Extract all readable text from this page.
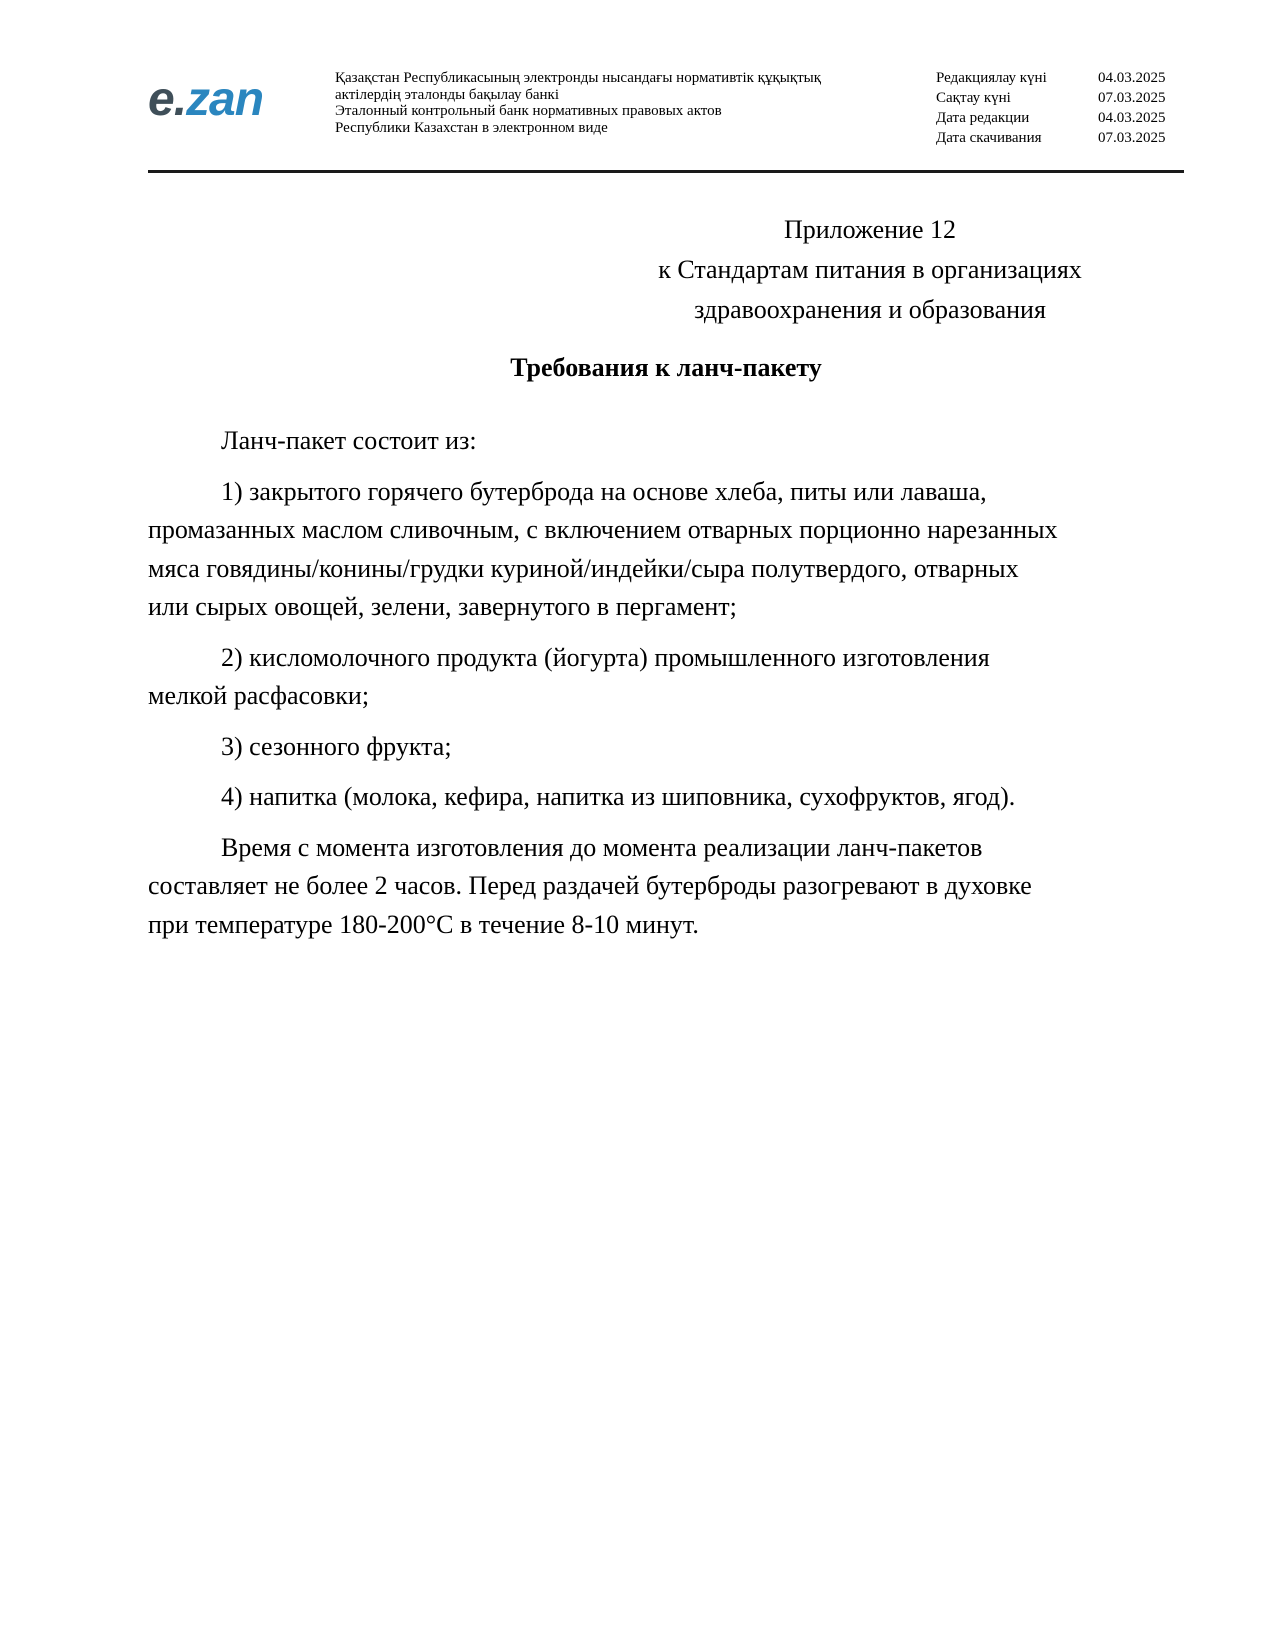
e.zan	Қазақстан Республикасының электронды нысандағы нормативтік құқықтық
актілердің эталонды бақылау банкі
Эталонный контрольный банк нормативных правовых актов
Республики Казахстан в электронном виде
Редакциялау күні	04.03.2025
Сақтау күні	07.03.2025
Дата редакции	04.03.2025
Дата скачивания	07.03.2025
Приложение 12
к Стандартам питания в организациях
здравоохранения и образования
Требования к ланч-пакету

Ланч-пакет состоит из:

1) закрытого горячего бутерброда на основе хлеба, питы или лаваша,
промазанных маслом сливочным, с включением отварных порционно нарезанных
мяса говядины/конины/грудки куриной/индейки/сыра полутвердого, отварных
или сырых овощей, зелени, завернутого в пергамент;

2) кисломолочного продукта (йогурта) промышленного изготовления
мелкой расфасовки;

3) сезонного фрукта;

4) напитка (молока, кефира, напитка из шиповника, сухофруктов, ягод).

Время с момента изготовления до момента реализации ланч-пакетов
составляет не более 2 часов. Перед раздачей бутерброды разогревают в духовке
при температуре 180-200°С в течение 8-10 минут.
